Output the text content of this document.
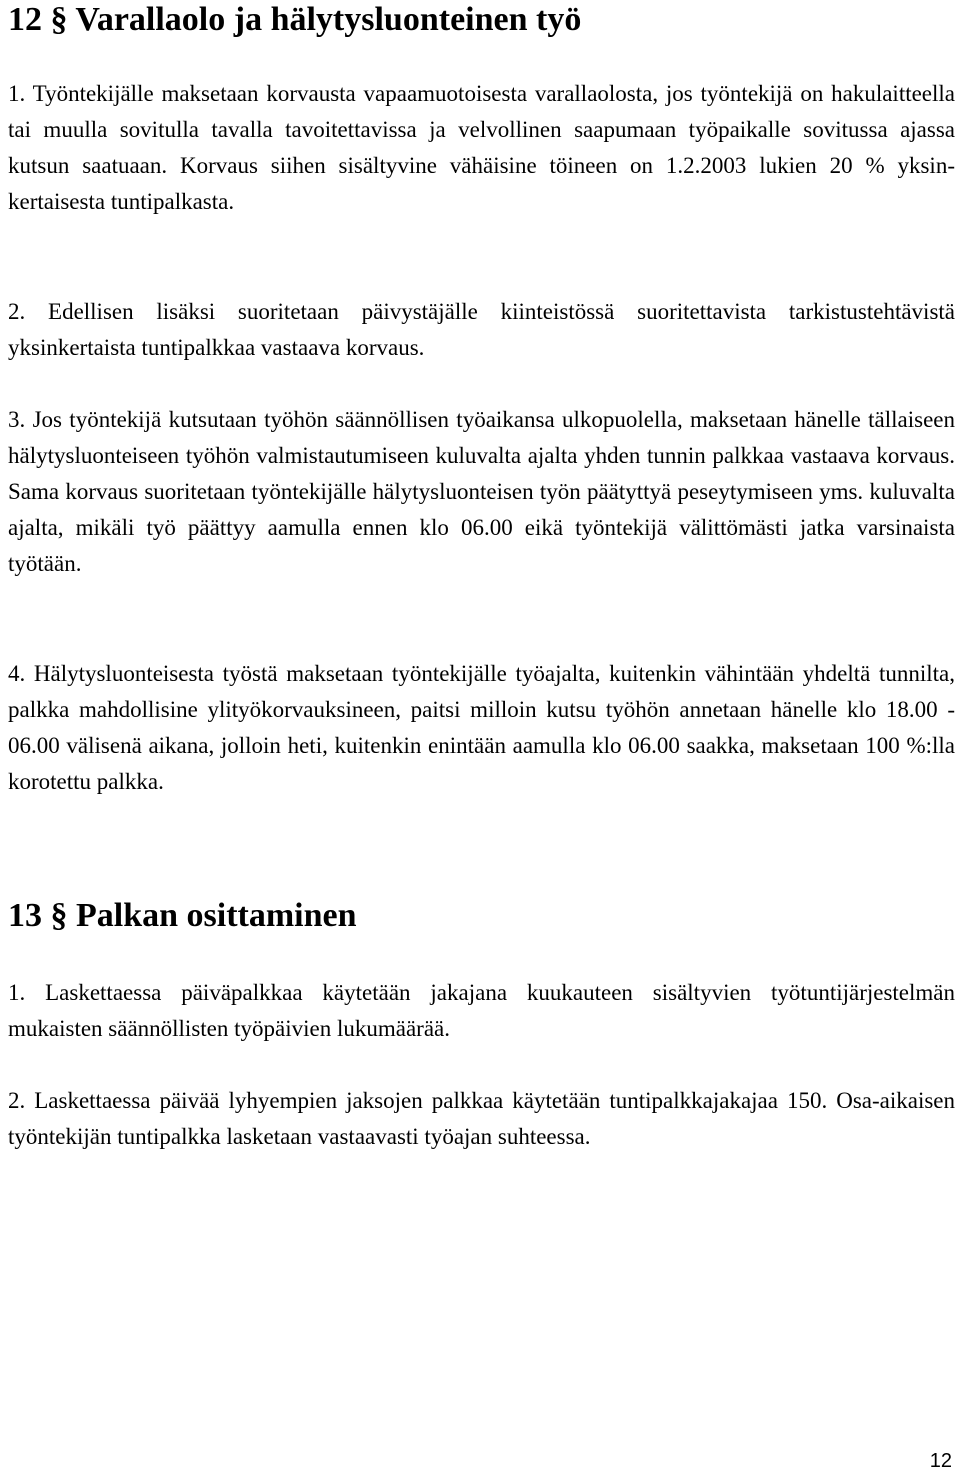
12 § Varallaolo ja hälytysluonteinen työ

1. Työntekijälle maksetaan korvausta vapaamuotoisesta varallaolosta, jos työntekijä on hakulaitteella tai muulla sovitulla tavalla tavoitettavissa ja velvollinen saapumaan työpaikalle sovitussa ajassa kutsun saatuaan. Korvaus siihen sisältyvine vähäisine töineen on 1.2.2003 lukien 20 % yksinkertaisesta tuntipalkasta.

2. Edellisen lisäksi suoritetaan päivystäjälle kiinteistössä suoritettavista tarkistustehtävistä yksinkertaista tuntipalkkaa vastaava korvaus.

3. Jos työntekijä kutsutaan työhön säännöllisen työaikansa ulkopuolella, maksetaan hänelle tällaiseen hälytysluonteiseen työhön valmistautumiseen kuluvalta ajalta yhden tunnin palkkaa vastaava korvaus. Sama korvaus suoritetaan työntekijälle hälytysluonteisen työn päätyttyä peseytymiseen yms. kuluvalta ajalta, mikäli työ päättyy aamulla ennen klo 06.00 eikä työntekijä välittömästi jatka varsinaista työtään.

4. Hälytysluonteisesta työstä maksetaan työntekijälle työajalta, kuitenkin vähintään yhdeltä tunnilta, palkka mahdollisine ylityökorvauksineen, paitsi milloin kutsu työhön annetaan hänelle klo 18.00 - 06.00 välisenä aikana, jolloin heti, kuitenkin enintään aamulla klo 06.00 saakka, maksetaan 100 %:lla korotettu palkka.

13 § Palkan osittaminen

1. Laskettaessa päiväpalkkaa käytetään jakajana kuukauteen sisältyvien työtuntijärjestelmän mukaisten säännöllisten työpäivien lukumäärää.

2. Laskettaessa päivää lyhyempien jaksojen palkkaa käytetään tuntipalkkajakajaa 150. Osa-aikaisen työntekijän tuntipalkka lasketaan vastaavasti työajan suhteessa.

12
